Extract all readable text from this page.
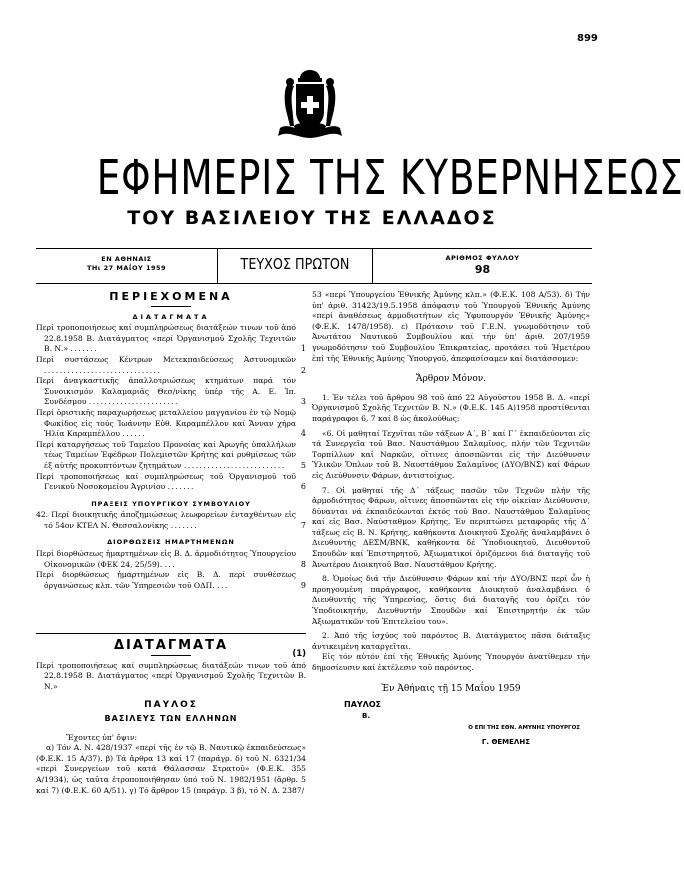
899
ΕΦΗΜΕΡΙΣ ΤΗΣ ΚΥΒΕΡΝΗΣΕΩΣ
ΤΟΥ ΒΑΣΙΛΕΙΟΥ ΤΗΣ ΕΛΛΑΔΟΣ
ΕΝ ΑΘΗΝΑΙΣ
ΤΗι 27 ΜΑΐΟΥ 1959	ΤΕΥΧΟΣ ΠΡΩΤΟΝ	ΑΡΙΘΜΟΣ ΦΥΛΛΟΥ
98
ΠΕΡΙΕΧΟΜΕΝΑ
ΔΙΑΤΑΓΜΑΤΑ
Περί τροποποιήσεως καί συμπληρώσεως διατάξεών τινων τοῦ ἀπό 22.8.1958 Β. Διατάγματος «περί Ὀργανισμοῦ Σχολῆς Τεχνιτῶν Β. Ν.» .......	1
Περί συστάσεως Κέντρων Μετεκπαιδεύσεως Ἀστυνομικῶν ..............................	2
Περί ἀναγκαστικῆς ἀπαλλοτριώσεως κτημάτων παρά τόν Συνοικισμόν Καλαμαριᾶς Θεσ/νίκης ὑπέρ τῆς Α. Ε. Ἱπ. Συνδέσμου .......................	3
Περί ὁριστικῆς παραχωρήσεως μεταλλείου μαγγανίου ἐν τῷ Νομῷ Φωκίδος εἰς τούς Ἰωάννην Εὐθ. Καραμπέλλον καί Ἄνναν χήρα Ἠλία Καραμπέλλου ......	4
Περί καταργήσεως τοῦ Ταμείου Προνοίας καί Ἀρωγῆς ὑπαλλήλων τέως Ταμείων Ἐφέδρων Πολεμιστῶν Κρήτης καί ρυθμίσεως τῶν ἐξ αὐτῆς προκυπτόντων ζητημάτων ..........................	5
Περί τροποποιήσεως καί συμπληρώσεως τοῦ Ὀργανισμοῦ τοῦ Γενικοῦ Νοσοκομείου Ἀγρινίου .......	6
ΠΡΑΞΕΙΣ ΥΠΟΥΡΓΙΚΟΥ ΣΥΜΒΟΥΛΙΟΥ
42. Περί διοικητικῆς ἀποζημιώσεως λεωφορείων ἐνταχθέντων εἰς τό 54ον ΚΤΕΛ Ν. Θεσσαλονίκης .......	7
ΔΙΟΡΘΩΣΕΙΣ ΗΜΑΡΤΗΜΕΝΩΝ
Περί διορθώσεως ἡμαρτημένων εἰς Β. Δ. ἁρμοδιότητος Ὑπουργείου Οἰκονομικῶν (ΦΕΚ 24, 25/59). ...	8
Περί διορθώσεως ἡμαρτημένων εἰς Β. Δ. περί συνθέσεως ὀργανώσεως κλπ. τῶν Ὑπηρεσιῶν τοῦ ΟΔΠ. ...	9
ΔΙΑΤΑΓΜΑΤΑ
(1)
Περί τροποποιήσεως καί συμπληρώσεως διατάξεών τινων τοῦ ἀπό 22.8.1958 Β. Διατάγματος «περί Ὀργανισμοῦ Σχολῆς Τεχνιτῶν Β. Ν.»
ΠΑΥΛΟΣ
ΒΑΣΙΛΕΥΣ ΤΩΝ ΕΛΛΗΝΩΝ
Ἔχοντες ὑπ' ὄψιν:
α) Τόν Α. Ν. 428/1937 «περί τῆς ἐν τῷ Β. Ναυτικῷ ἐκπαιδεύσεως» (Φ.Ε.Κ. 15 Α/37). β) Τά ἄρθρα 13 καί 17 (παράγρ. δ) τοῦ Ν. 6321/34 «περί Συνεργείων τοῦ κατά Θάλασσαν Στρατοῦ» (Φ.Ε.Κ. 355 Α/1934), ὡς ταῦτα ἐτροποποιήθησαν ὑπό τοῦ Ν. 1982/1951 (ἄρθρ. 5 καί 7) (Φ.Ε.Κ. 60 Α/51). γ) Τό ἄρθρον 15 (παράγρ. 3 β), τό Ν. Δ. 2387/
53 «περί Ὑπουργείου Ἐθνικῆς Ἀμύνης κλπ.» (Φ.Ε.Κ. 108 Α/53). δ) Τήν ὑπ' ἀριθ. 31423/19.5.1958 ἀπόφασιν τοῦ Ὑπουργοῦ Ἐθνικῆς Ἀμύνης «περί ἀναθέσεως ἁρμοδιοτήτων εἰς Ὑφυπουργόν Ἐθνικῆς Ἀμύνης» (Φ.Ε.Κ. 1478/1958). ε) Πρότασιν τοῦ Γ.Ε.Ν. γνωμοδότησιν τοῦ Ἀνωτάτου Ναυτικοῦ Συμβουλίου καί τήν ὑπ' ἀριθ. 207/1959 γνωμοδότησιν τοῦ Συμβουλίου Ἐπικρατείας, προτάσει τοῦ Ἡμετέρου ἐπί τῆς Ἐθνικῆς Ἀμύνης Ὑπουργοῦ, ἀπεφασίσαμεν καί διατάσσομεν:
Ἄρθρον Μόνον.
1. Ἐν τέλει τοῦ ἄρθρου 98 τοῦ ἀπό 22 Αὐγούστου 1958 Β. Δ. «περί Ὀργανισμοῦ Σχολῆς Τεχνιτῶν Β. Ν.» (Φ.Ε.Κ. 145 Α)1958 προστίθενται παράγραφοι 6, 7 καί 8 ὡς ἀκολούθως:
«6. Οἱ μαθηταί Τεχνῖται τῶν τάξεων Α΄, Β΄ καί Γ΄ ἐκπαιδεύονται εἰς τά Συνεργεῖα τοῦ Βασ. Ναυστάθμου Σαλαμῖνος, πλήν τῶν Τεχνιτῶν Τορπίλλων καί Ναρκῶν, οἵτινες ἀποσπῶνται εἰς τήν Διεύθυνσιν Ὑλικῶν Ὅπλων τοῦ Β. Ναυστάθμου Σαλαμῖνος (ΔΥΟ/ΒΝΣ) καί Φάρων εἰς Διεύθυνσιν Φάρων, ἀντιστοίχως.
7. Οἱ μαθηταί τῆς Δ΄ τάξεως πασῶν τῶν Τεχνῶν πλήν τῆς ἁρμοδιότητος Φάρων, οἵτινες ἀποσπῶνται εἰς τήν οἰκείαν Διεύθυνσιν, δύνανται νά ἐκπαιδεύωνται ἐκτός τοῦ Βασ. Ναυστάθμου Σαλαμῖνος καί εἰς Βασ. Ναύσταθμον Κρήτης. Ἐν περιπτώσει μεταφορᾶς τῆς Δ΄ τάξεως εἰς Β. Ν. Κρήτης, καθήκοντα Διοικητοῦ Σχολῆς ἀναλαμβάνει ὁ Διευθυντής ΔΕΣΜ/ΒΝΚ, καθήκοντα δέ Ὑποδιοικητοῦ, Διευθυντοῦ Σπουδῶν καί Ἐπιστηρητοῦ, Ἀξιωματικοί ὁριζόμενοι διά διαταγῆς τοῦ Ἀνωτέρου Διοικητοῦ Βασ. Ναυστάθμου Κρήτης.
8. Ὁμοίως διά τήν Διεύθυνσιν Φάρων καί τήν ΔΥΟ/ΒΝΣ περί ὧν ἡ προηγουμένη παράγραφος, καθήκοντα Διοικητοῦ ἀναλαμβάνει ὁ Διευθυντής τῆς Ὑπηρεσίας, ὅστις διά διαταγῆς του ὁρίζει τόν Ὑποδιοικητήν, Διευθυντήν Σπουδῶν καί Ἐπιστηρητήν ἐκ τῶν Ἀξιωματικῶν τοῦ Ἐπιτελείου του».
2. Ἀπό τῆς ἰσχύος τοῦ παρόντος Β. Διατάγματος πᾶσα διάταξις ἀντικειμένη καταργεῖται.
Εἰς τόν αὐτόν ἐπί τῆς Ἐθνικῆς Ἀμύνης Ὑπουργόν ἀνατίθεμεν τήν δημοσίευσιν καί ἐκτέλεσιν τοῦ παρόντος.
Ἐν Ἀθήναις τῇ 15 Μαΐου 1959
ΠΑΥΛΟΣ
Β.
Ο ΕΠΙ ΤΗΣ ΕΘΝ. ΑΜΥΝΗΣ ΥΠΟΥΡΓΟΣ
Γ. ΘΕΜΕΛΗΣ
